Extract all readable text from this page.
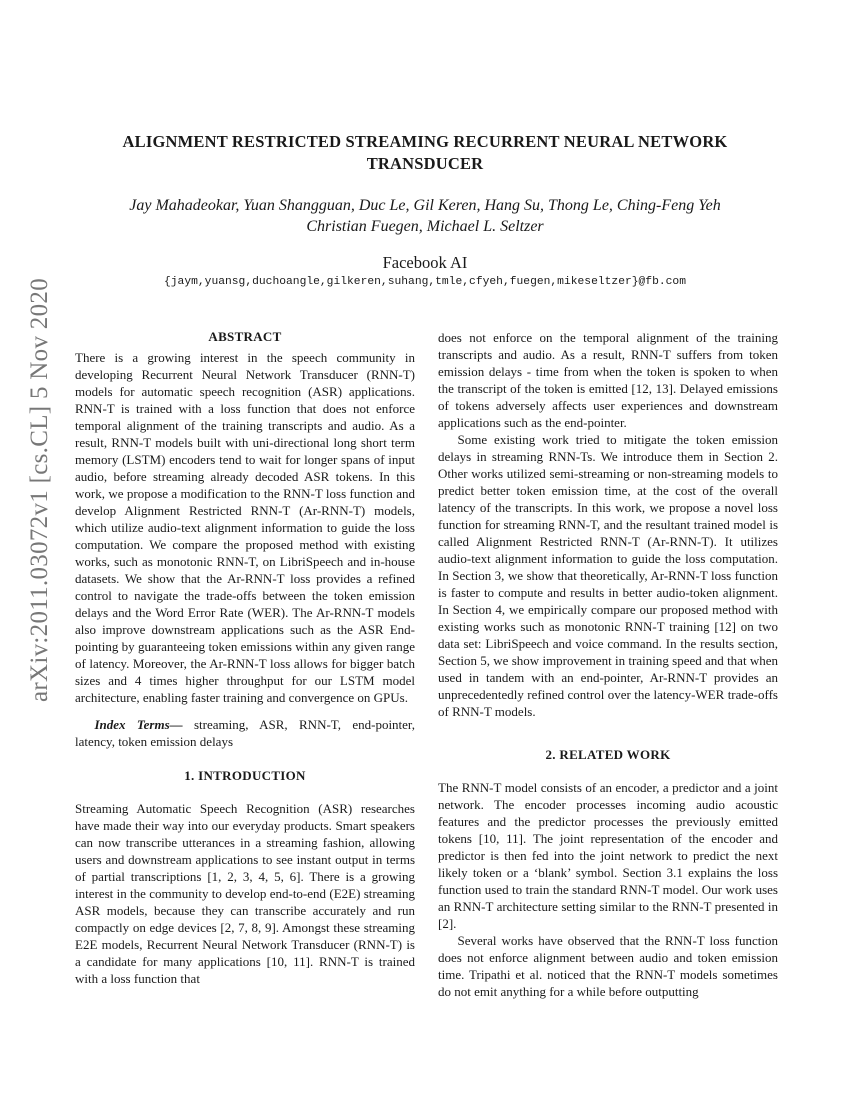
arXiv:2011.03072v1 [cs.CL] 5 Nov 2020
ALIGNMENT RESTRICTED STREAMING RECURRENT NEURAL NETWORK TRANSDUCER
Jay Mahadeokar, Yuan Shangguan, Duc Le, Gil Keren, Hang Su, Thong Le, Ching-Feng Yeh
Christian Fuegen, Michael L. Seltzer
Facebook AI
{jaym,yuansg,duchoangle,gilkeren,suhang,tmle,cfyeh,fuegen,mikeseltzer}@fb.com
ABSTRACT

There is a growing interest in the speech community in developing Recurrent Neural Network Transducer (RNN-T) models for automatic speech recognition (ASR) applications. RNN-T is trained with a loss function that does not enforce temporal alignment of the training transcripts and audio. As a result, RNN-T models built with uni-directional long short term memory (LSTM) encoders tend to wait for longer spans of input audio, before streaming already decoded ASR tokens. In this work, we propose a modification to the RNN-T loss function and develop Alignment Restricted RNN-T (Ar-RNN-T) models, which utilize audio-text alignment information to guide the loss computation. We compare the proposed method with existing works, such as monotonic RNN-T, on LibriSpeech and in-house datasets. We show that the Ar-RNN-T loss provides a refined control to navigate the trade-offs between the token emission delays and the Word Error Rate (WER). The Ar-RNN-T models also improve downstream applications such as the ASR End-pointing by guaranteeing token emissions within any given range of latency. Moreover, the Ar-RNN-T loss allows for bigger batch sizes and 4 times higher throughput for our LSTM model architecture, enabling faster training and convergence on GPUs.

Index Terms— streaming, ASR, RNN-T, end-pointer, latency, token emission delays

1. INTRODUCTION

Streaming Automatic Speech Recognition (ASR) researches have made their way into our everyday products. Smart speakers can now transcribe utterances in a streaming fashion, allowing users and downstream applications to see instant output in terms of partial transcriptions [1, 2, 3, 4, 5, 6]. There is a growing interest in the community to develop end-to-end (E2E) streaming ASR models, because they can transcribe accurately and run compactly on edge devices [2, 7, 8, 9]. Amongst these streaming E2E models, Recurrent Neural Network Transducer (RNN-T) is a candidate for many applications [10, 11]. RNN-T is trained with a loss function that

does not enforce on the temporal alignment of the training transcripts and audio. As a result, RNN-T suffers from token emission delays - time from when the token is spoken to when the transcript of the token is emitted [12, 13]. Delayed emissions of tokens adversely affects user experiences and downstream applications such as the end-pointer.

Some existing work tried to mitigate the token emission delays in streaming RNN-Ts. We introduce them in Section 2. Other works utilized semi-streaming or non-streaming models to predict better token emission time, at the cost of the overall latency of the transcripts. In this work, we propose a novel loss function for streaming RNN-T, and the resultant trained model is called Alignment Restricted RNN-T (Ar-RNN-T). It utilizes audio-text alignment information to guide the loss computation. In Section 3, we show that theoretically, Ar-RNN-T loss function is faster to compute and results in better audio-token alignment. In Section 4, we empirically compare our proposed method with existing works such as monotonic RNN-T training [12] on two data set: LibriSpeech and voice command. In the results section, Section 5, we show improvement in training speed and that when used in tandem with an end-pointer, Ar-RNN-T provides an unprecedentedly refined control over the latency-WER trade-offs of RNN-T models.

2. RELATED WORK

The RNN-T model consists of an encoder, a predictor and a joint network. The encoder processes incoming audio acoustic features and the predictor processes the previously emitted tokens [10, 11]. The joint representation of the encoder and predictor is then fed into the joint network to predict the next likely token or a ‘blank’ symbol. Section 3.1 explains the loss function used to train the standard RNN-T model. Our work uses an RNN-T architecture setting similar to the RNN-T presented in [2].

Several works have observed that the RNN-T loss function does not enforce alignment between audio and token emission time. Tripathi et al. noticed that the RNN-T models sometimes do not emit anything for a while before outputting
